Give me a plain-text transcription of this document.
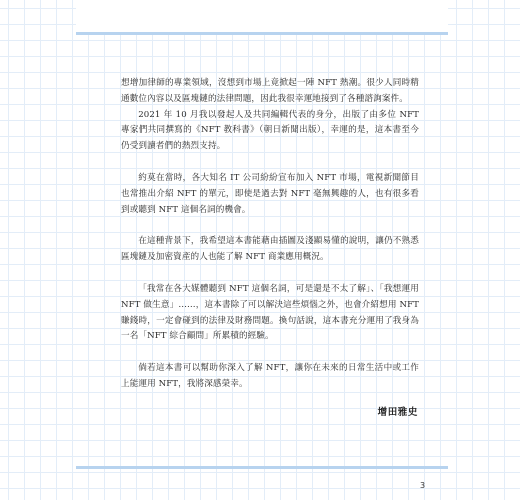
想增加律師的專業領域，沒想到市場上竟掀起一陣 NFT 熱潮。很少人同時精通數位內容以及區塊鏈的法律問題，因此我很幸運地接到了各種諮詢案件。

2021 年 10 月我以發起人及共同編輯代表的身分，出版了由多位 NFT 專家們共同撰寫的《NFT 教科書》（朝日新聞出版），幸運的是，這本書至今仍受到讀者們的熱烈支持。

約莫在當時，各大知名 IT 公司紛紛宣布加入 NFT 市場，電視新聞節目也常推出介紹 NFT 的單元，即使是過去對 NFT 毫無興趣的人，也有很多看到或聽到 NFT 這個名詞的機會。

在這種背景下，我希望這本書能藉由插圖及淺顯易懂的說明，讓仍不熟悉區塊鏈及加密資產的人也能了解 NFT 商業應用概況。

「我常在各大媒體聽到 NFT 這個名詞，可是還是不太了解」、「我想運用 NFT 做生意」……，這本書除了可以解決這些煩惱之外，也會介紹想用 NFT 賺錢時，一定會碰到的法律及財務問題。換句話說，這本書充分運用了我身為一名「NFT 綜合顧問」所累積的經驗。

倘若這本書可以幫助你深入了解 NFT，讓你在未來的日常生活中或工作上能運用 NFT，我將深感榮幸。

增田雅史
3
